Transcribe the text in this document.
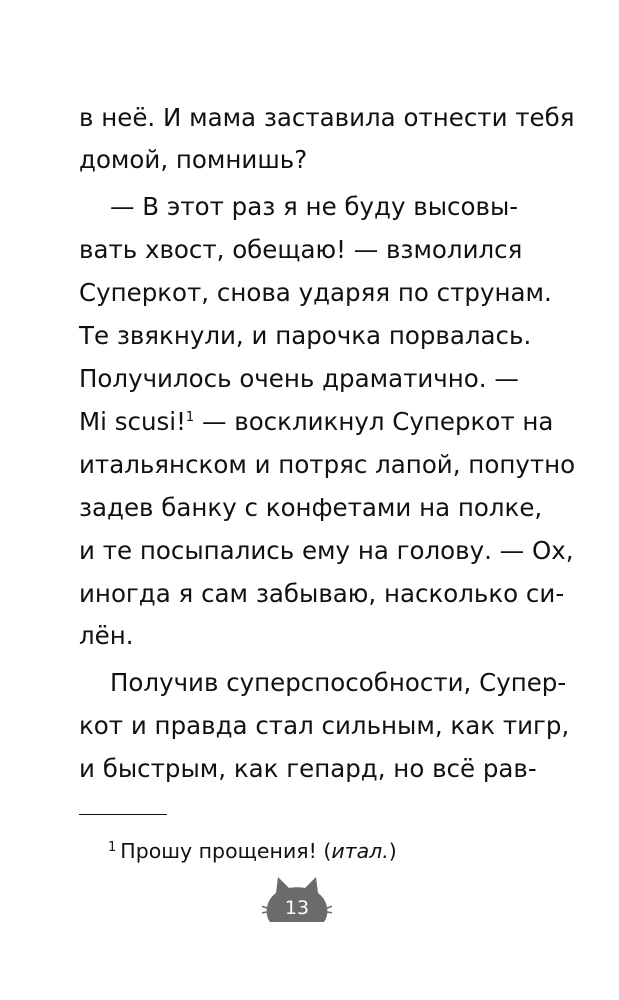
в неё. И мама заставила отнести тебя
домой, помнишь?
— В этот раз я не буду высовы-
вать хвост, обещаю! — взмолился
Суперкот, снова ударяя по струнам.
Те звякнули, и парочка порвалась.
Получилось очень драматично. —
Mi scusi!$^1$ — воскликнул Суперкот на
итальянском и потряс лапой, попутно
задев банку с конфетами на полке,
и те посыпались ему на голову. — Ох,
иногда я сам забываю, насколько си-
лён.
Получив суперспособности, Супер-
кот и правда стал сильным, как тигр,
и быстрым, как гепард, но всё рав-
$^1$ Прошу прощения! (итал.)
13
